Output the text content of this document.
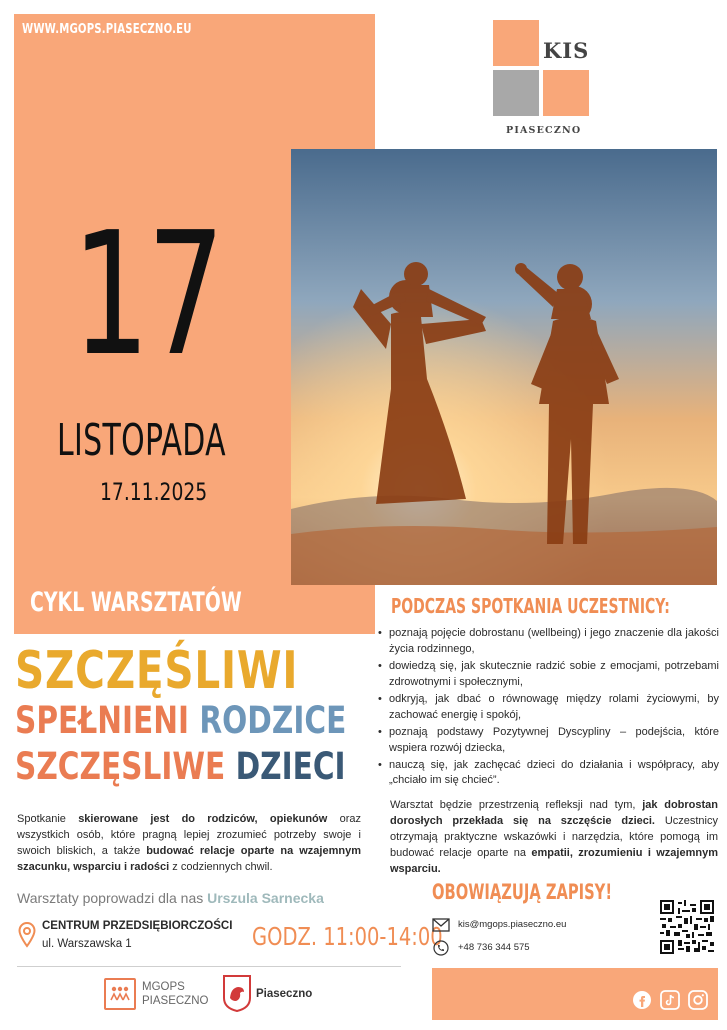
WWW.MGOPS.PIASECZNO.EU
KIS
PIASECZNO
17
LISTOPADA
17.11.2025
CYKL WARSZTATÓW
SZCZĘŚLIWI
SPEŁNIENI RODZICE
SZCZĘSLIWE DZIECI
Spotkanie skierowane jest do rodziców, opiekunów oraz wszystkich osób, które pragną lepiej zrozumieć potrzeby swoje i swoich bliskich, a także budować relacje oparte na wzajemnym szacunku, wsparciu i radości z codziennych chwil.
Warsztaty poprowadzi dla nas Urszula Sarnecka
CENTRUM PRZEDSIĘBIORCZOŚCI
ul. Warszawska 1	GODZ. 11:00-14:00
MGOPS
PIASECZNO
Piaseczno
PODCZAS SPOTKANIA UCZESTNICY:
• poznają pojęcie dobrostanu (wellbeing) i jego znaczenie dla jakości życia rodzinnego,
• dowiedzą się, jak skutecznie radzić sobie z emocjami, potrzebami zdrowotnymi i społecznymi,
• odkryją, jak dbać o równowagę między rolami życiowymi, by zachować energię i spokój,
• poznają podstawy Pozytywnej Dyscypliny – podejścia, które wspiera rozwój dziecka,
• nauczą się, jak zachęcać dzieci do działania i współpracy, aby „chciało im się chcieć”.
Warsztat będzie przestrzenią refleksji nad tym, jak dobrostan dorosłych przekłada się na szczęście dzieci. Uczestnicy otrzymają praktyczne wskazówki i narzędzia, które pomogą im budować relacje oparte na empatii, zrozumieniu i wzajemnym wsparciu.
OBOWIĄZUJĄ ZAPISY!
kis@mgops.piaseczno.eu
+48 736 344 575
